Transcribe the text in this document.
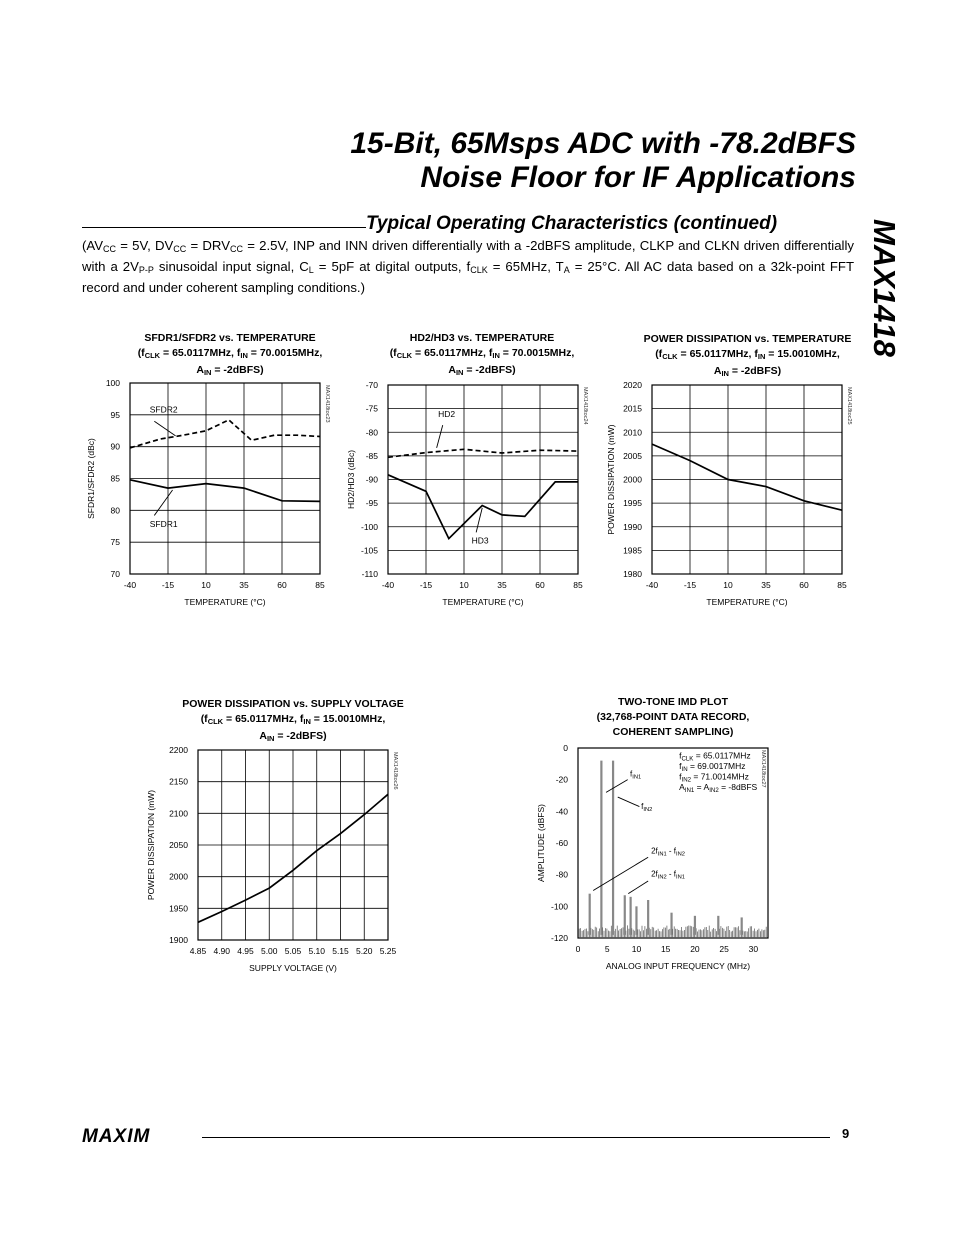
15-Bit, 65Msps ADC with -78.2dBFS
Noise Floor for IF Applications
MAX1418
Typical Operating Characteristics (continued)
($AV_{CC} = 5V$, $DV_{CC} = DRV_{CC} = 2.5V$, INP and INN driven differentially with a -2dBFS amplitude, CLKP and CLKN driven differentially with a $2V_{P-P}$ sinusoidal input signal, $C_L = 5pF$ at digital outputs, $f_{CLK} = 65MHz$, $T_A = 25^\circ C$. All AC data based on a 32k-point FFT record and under coherent sampling conditions.)
SFDR1/SFDR2 vs. TEMPERATURE
(fCLK = 65.0117MHz, fIN = 70.0015MHz,
AIN = -2dBFS)
HD2/HD3 vs. TEMPERATURE
(fCLK = 65.0117MHz, fIN = 70.0015MHz,
AIN = -2dBFS)
POWER DISSIPATION vs. TEMPERATURE
(fCLK = 65.0117MHz, fIN = 15.0010MHz,
AIN = -2dBFS)
POWER DISSIPATION vs. SUPPLY VOLTAGE
(fCLK = 65.0117MHz, fIN = 15.0010MHz,
AIN = -2dBFS)
TWO-TONE IMD PLOT
(32,768-POINT DATA RECORD,
COHERENT SAMPLING)
100
95
90
85
80
75
70
-40	-15	10	35	60	85
TEMPERATURE (°C)
SFDR1/SFDR2 (dBc)
MAX1418toc23
SFDR2
SFDR1
-70
-75
-80
-85
-90
-95
-100
-105
-110
-40	-15	10	35	60	85
TEMPERATURE (°C)
HD2/HD3 (dBc)
MAX1418toc24
HD2
HD3
2020
2015
2010
2005
2000
1995
1990
1985
1980
-40	-15	10	35	60	85
TEMPERATURE (°C)
POWER DISSIPATION (mW)
MAX1418toc25
2200
2150
2100
2050
2000
1950
1900
4.85 4.90 4.95 5.00 5.05 5.10 5.15 5.20 5.25
SUPPLY VOLTAGE (V)
POWER DISSIPATION (mW)
MAX1418toc26
0
-20
-40
-60
-80
-100
-120
0	5	10 15 20 25 30
ANALOG INPUT FREQUENCY (MHz)
AMPLITUDE (dBFS)
MAX1418toc27
$f_{CLK} = 65.0117MHz$
$f_{IN} = 69.0017MHz$
$f_{IN2} = 71.0014MHz$
$A_{IN1} = A_{IN2}$ = -8dBFS
$f_{IN1}$
$f_{IN2}$
$2f_{IN1} - f_{IN2}$
$2f_{IN2} - f_{IN1}$
MAXIM	9
